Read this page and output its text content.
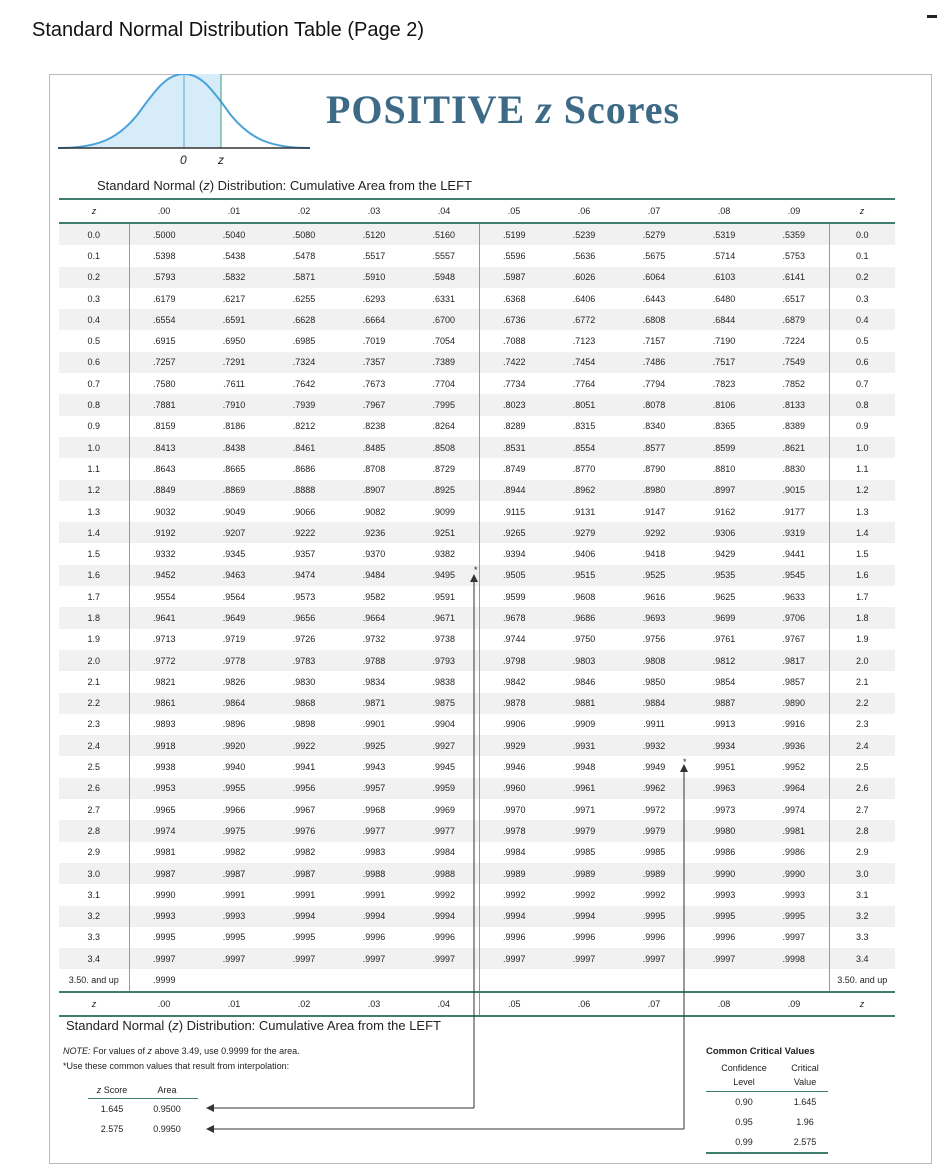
Standard Normal Distribution Table (Page 2)
0	z
POSITIVE z Scores
Standard Normal (z) Distribution: Cumulative Area from the LEFT
z	.00	.01	.02	.03	.04	.05	.06	.07	.08	.09	z
0.0	.5000	.5040	.5080	.5120	.5160	.5199	.5239	.5279	.5319	.5359	0.0
0.1	.5398	.5438	.5478	.5517	.5557	.5596	.5636	.5675	.5714	.5753	0.1
0.2	.5793	.5832	.5871	.5910	.5948	.5987	.6026	.6064	.6103	.6141	0.2
0.3	.6179	.6217	.6255	.6293	.6331	.6368	.6406	.6443	.6480	.6517	0.3
0.4	.6554	.6591	.6628	.6664	.6700	.6736	.6772	.6808	.6844	.6879	0.4
0.5	.6915	.6950	.6985	.7019	.7054	.7088	.7123	.7157	.7190	.7224	0.5
0.6	.7257	.7291	.7324	.7357	.7389	.7422	.7454	.7486	.7517	.7549	0.6
0.7	.7580	.7611	.7642	.7673	.7704	.7734	.7764	.7794	.7823	.7852	0.7
0.8	.7881	.7910	.7939	.7967	.7995	.8023	.8051	.8078	.8106	.8133	0.8
0.9	.8159	.8186	.8212	.8238	.8264	.8289	.8315	.8340	.8365	.8389	0.9
1.0	.8413	.8438	.8461	.8485	.8508	.8531	.8554	.8577	.8599	.8621	1.0
1.1	.8643	.8665	.8686	.8708	.8729	.8749	.8770	.8790	.8810	.8830	1.1
1.2	.8849	.8869	.8888	.8907	.8925	.8944	.8962	.8980	.8997	.9015	1.2
1.3	.9032	.9049	.9066	.9082	.9099	.9115	.9131	.9147	.9162	.9177	1.3
1.4	.9192	.9207	.9222	.9236	.9251	.9265	.9279	.9292	.9306	.9319	1.4
1.5	.9332	.9345	.9357	.9370	.9382	.9394	.9406	.9418	.9429	.9441	1.5
1.6	.9452	.9463	.9474	.9484	.9495	.9505	.9515	.9525	.9535	.9545	1.6
1.7	.9554	.9564	.9573	.9582	.9591	.9599	.9608	.9616	.9625	.9633	1.7
1.8	.9641	.9649	.9656	.9664	.9671	.9678	.9686	.9693	.9699	.9706	1.8
1.9	.9713	.9719	.9726	.9732	.9738	.9744	.9750	.9756	.9761	.9767	1.9
2.0	.9772	.9778	.9783	.9788	.9793	.9798	.9803	.9808	.9812	.9817	2.0
2.1	.9821	.9826	.9830	.9834	.9838	.9842	.9846	.9850	.9854	.9857	2.1
2.2	.9861	.9864	.9868	.9871	.9875	.9878	.9881	.9884	.9887	.9890	2.2
2.3	.9893	.9896	.9898	.9901	.9904	.9906	.9909	.9911	.9913	.9916	2.3
2.4	.9918	.9920	.9922	.9925	.9927	.9929	.9931	.9932	.9934	.9936	2.4
2.5	.9938	.9940	.9941	.9943	.9945	.9946	.9948	.9949	.9951	.9952	2.5
2.6	.9953	.9955	.9956	.9957	.9959	.9960	.9961	.9962	.9963	.9964	2.6
2.7	.9965	.9966	.9967	.9968	.9969	.9970	.9971	.9972	.9973	.9974	2.7
2.8	.9974	.9975	.9976	.9977	.9977	.9978	.9979	.9979	.9980	.9981	2.8
2.9	.9981	.9982	.9982	.9983	.9984	.9984	.9985	.9985	.9986	.9986	2.9
3.0	.9987	.9987	.9987	.9988	.9988	.9989	.9989	.9989	.9990	.9990	3.0
3.1	.9990	.9991	.9991	.9991	.9992	.9992	.9992	.9992	.9993	.9993	3.1
3.2	.9993	.9993	.9994	.9994	.9994	.9994	.9994	.9995	.9995	.9995	3.2
3.3	.9995	.9995	.9995	.9996	.9996	.9996	.9996	.9996	.9996	.9997	3.3
3.4	.9997	.9997	.9997	.9997	.9997	.9997	.9997	.9997	.9997	.9998	3.4
3.50. and up	.9999										3.50. and up
z	.00	.01	.02	.03	.04	.05	.06	.07	.08	.09	z
*
*
Standard Normal (z) Distribution: Cumulative Area from the LEFT
NOTE: For values of z above 3.49, use 0.9999 for the area.
*Use these common values that result from interpolation:
z Score	Area
1.645	0.9500
2.575	0.9950
Common Critical Values
Confidence	Critical
Level	Value
0.90	1.645
0.95	1.96
0.99	2.575
